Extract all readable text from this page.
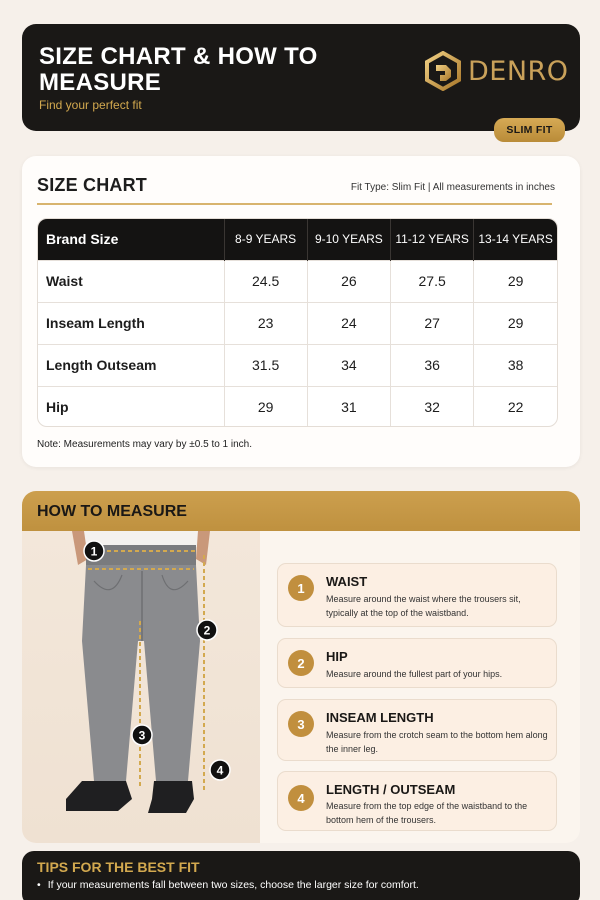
SIZE CHART & HOW TO MEASURE
Find your perfect fit
DENRO
SLIM FIT
SIZE CHART	Fit Type: Slim Fit | All measurements in inches
Brand Size	8-9 YEARS	9-10 YEARS	11-12 YEARS	13-14 YEARS
Waist	24.5	26	27.5	29
Inseam Length	23	24	27	29
Length Outseam	31.5	34	36	38
Hip	29	31	32	22
Note: Measurements may vary by ±0.5 to 1 inch.
HOW TO MEASURE
1
2
3
4
1	WAIST
Measure around the waist where the trousers sit, typically at the top of the waistband.
2	HIP
Measure around the fullest part of your hips.
3	INSEAM LENGTH
Measure from the crotch seam to the bottom hem along the inner leg.
4
LENGTH / OUTSEAM
Measure from the top edge of the waistband to the bottom hem of the trousers.
TIPS FOR THE BEST FIT
• If your measurements fall between two sizes, choose the larger size for comfort.
